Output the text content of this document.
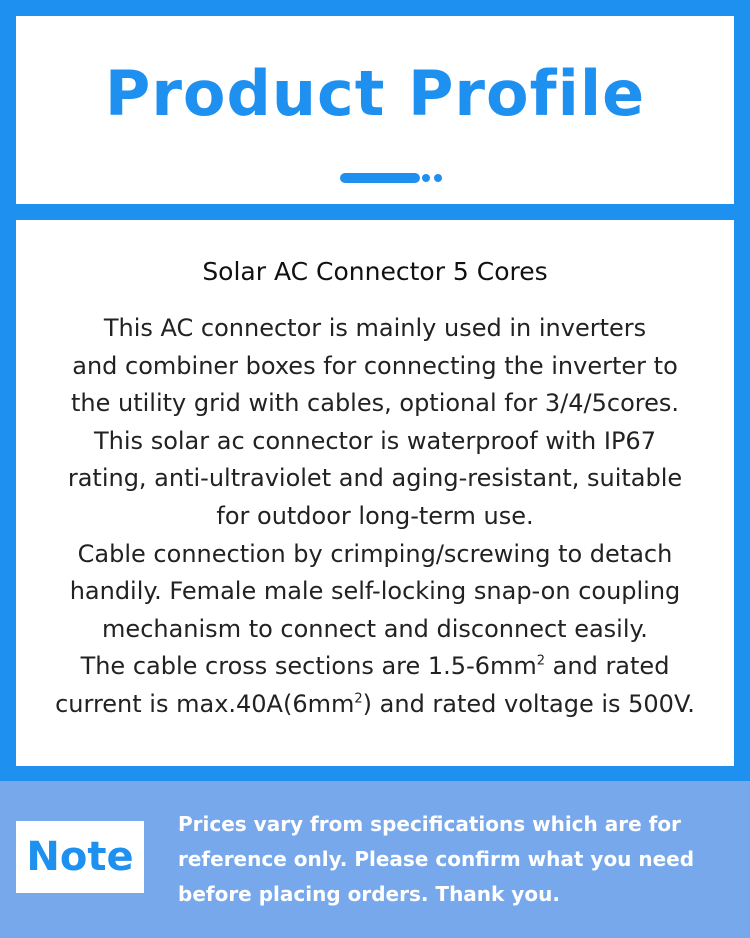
Product Profile
Solar AC Connector 5 Cores
This AC connector is mainly used in inverters
and combiner boxes for connecting the inverter to
the utility grid with cables, optional for 3/4/5cores.
This solar ac connector is waterproof with IP67
rating, anti-ultraviolet and aging-resistant, suitable
for outdoor long-term use.
Cable connection by crimping/screwing to detach
handily. Female male self-locking snap-on coupling
mechanism to connect and disconnect easily.
The cable cross sections are $1.5-6mm^2$ and rated
current is $\max.40A(6mm^2)$ and rated voltage is 500V.
Note
Prices vary from specifications which are for
reference only. Please confirm what you need
before placing orders. Thank you.
